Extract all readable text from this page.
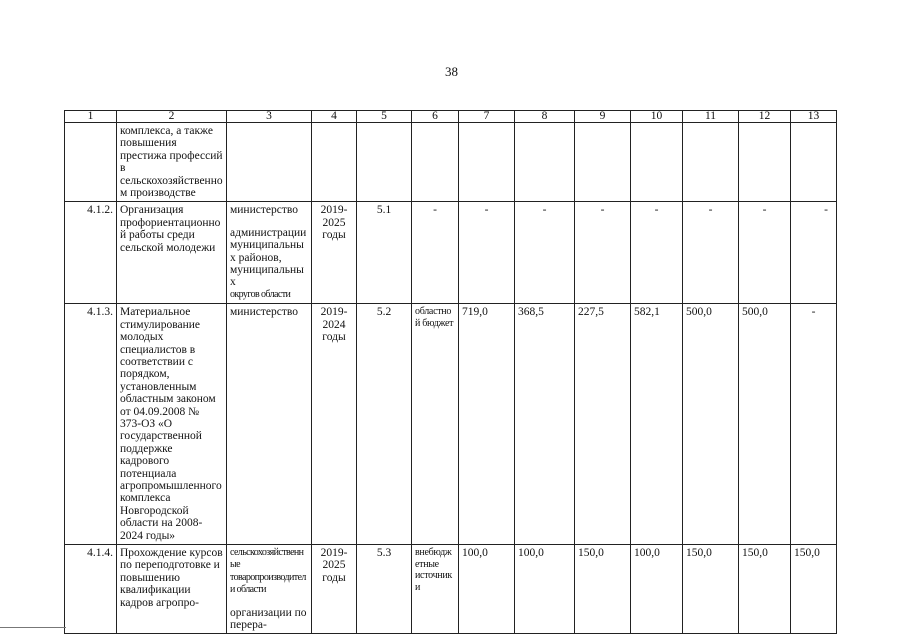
38
1	2	3	4	5	6	7	8	9	10	11	12	13
	комплекса, а также повышения престижа профессий в сельскохозяйственном производстве											
4.1.2.	Организация профориентационной работы среди сельской молодежи	министерство
администрации муниципальных районов, муниципальных
округов области	2019-2025 годы	5.1	-	-	-	-	-	-	-	-
4.1.3.	Материальное стимулирование молодых специалистов в соответствии с порядком, установленным областным законом от 04.09.2008 № 373-ОЗ «О государственной поддержке кадрового потенциала агропромышленного комплекса Новгородской области на 2008-2024 годы»	министерство	2019-2024 годы	5.2	областной бюджет	719,0	368,5	227,5	582,1	500,0	500,0	-
4.1.4.	Прохождение курсов по переподготовке и повышению квалификации кадров агропро-	сельскохозяйственные товаропроизводители области
организации по перера-	2019-2025 годы	5.3	внебюджетные источники	100,0	100,0	150,0	100,0	150,0	150,0	150,0
